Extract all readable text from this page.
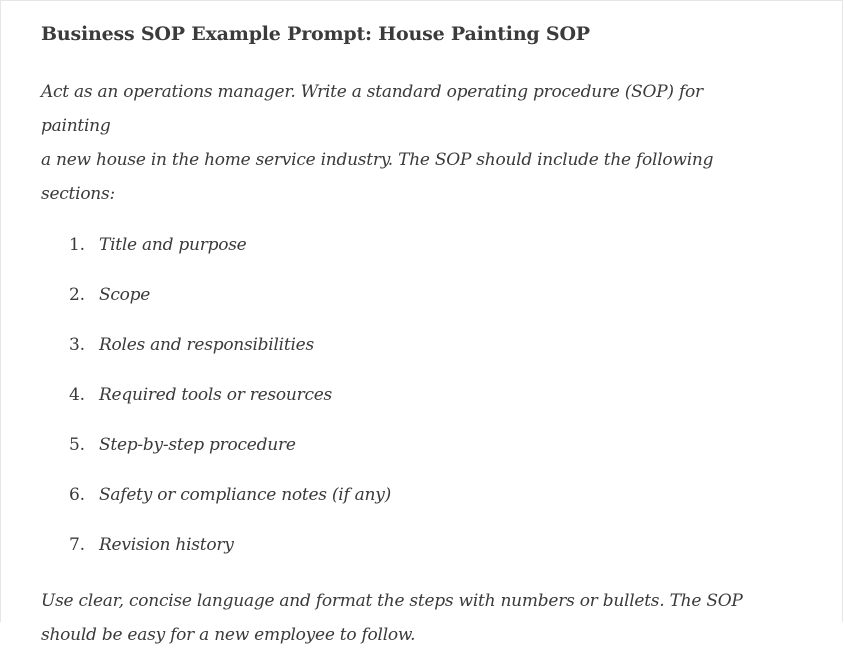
Business SOP Example Prompt: House Painting SOP

Act as an operations manager. Write a standard operating procedure (SOP) for painting
a new house in the home service industry. The SOP should include the following
sections:

1. Title and purpose
2. Scope
3. Roles and responsibilities
4. Required tools or resources
5. Step-by-step procedure
6. Safety or compliance notes (if any)
7. Revision history

Use clear, concise language and format the steps with numbers or bullets. The SOP
should be easy for a new employee to follow.
